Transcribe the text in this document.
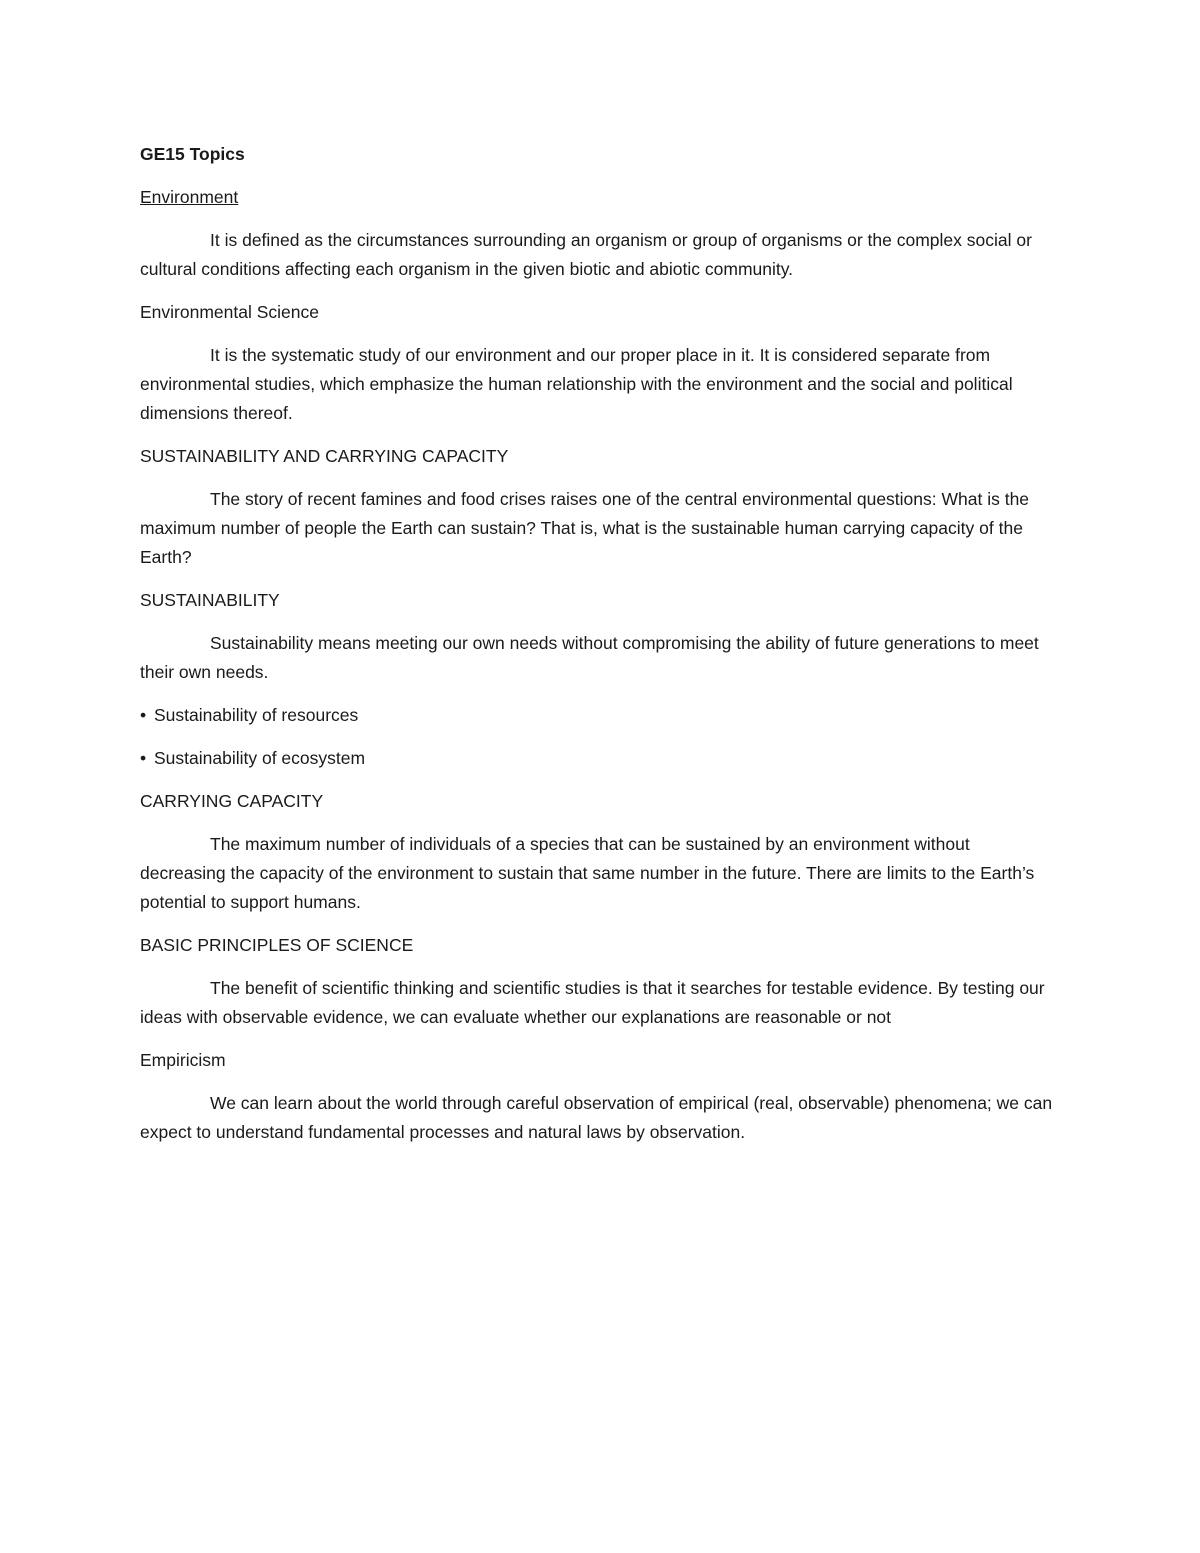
GE15 Topics

Environment

It is defined as the circumstances surrounding an organism or group of organisms or the complex social or cultural conditions affecting each organism in the given biotic and abiotic community.

Environmental Science

It is the systematic study of our environment and our proper place in it. It is considered separate from environmental studies, which emphasize the human relationship with the environment and the social and political dimensions thereof.

SUSTAINABILITY AND CARRYING CAPACITY

The story of recent famines and food crises raises one of the central environmental questions: What is the maximum number of people the Earth can sustain? That is, what is the sustainable human carrying capacity of the Earth?

SUSTAINABILITY

Sustainability means meeting our own needs without compromising the ability of future generations to meet their own needs.

• Sustainability of resources

• Sustainability of ecosystem

CARRYING CAPACITY

The maximum number of individuals of a species that can be sustained by an environment without decreasing the capacity of the environment to sustain that same number in the future. There are limits to the Earth’s potential to support humans.

BASIC PRINCIPLES OF SCIENCE

The benefit of scientific thinking and scientific studies is that it searches for testable evidence. By testing our ideas with observable evidence, we can evaluate whether our explanations are reasonable or not

Empiricism

We can learn about the world through careful observation of empirical (real, observable) phenomena; we can expect to understand fundamental processes and natural laws by observation.
